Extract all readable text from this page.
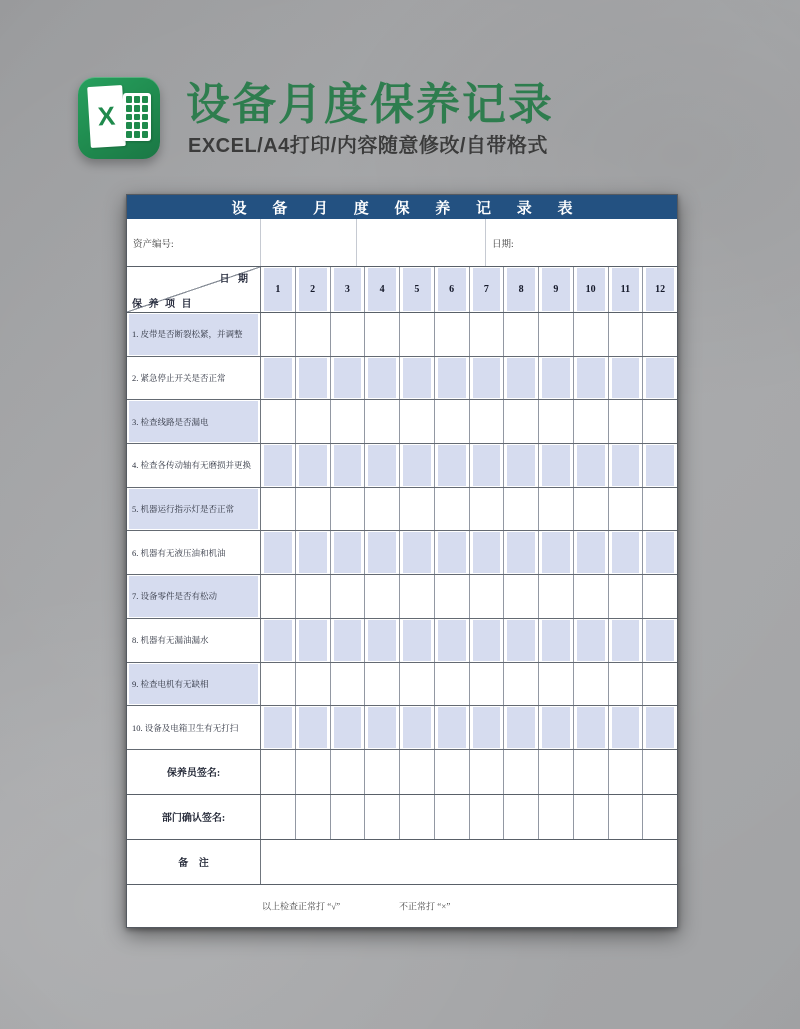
X 设备月度保养记录
EXCEL/A4打印/内容随意修改/自带格式
设 备 月 度 保 养 记 录 表
资产编号:	日期:
日 期
保 养 项 目
1	2	3	4	5	6	7	8	9	10	11	12
1. 皮带是否断裂松紧，并调整
2. 紧急停止开关是否正常
3. 检查线路是否漏电
4. 检查各传动轴有无磨损并更换
5. 机器运行指示灯是否正常
6. 机器有无液压油和机油
7. 设备零件是否有松动
8. 机器有无漏油漏水
9. 检查电机有无缺相
10. 设备及电箱卫生有无打扫
保养员签名:
部门确认签名:
备 注
以上检查正常打 “√”	不正常打 “×”
